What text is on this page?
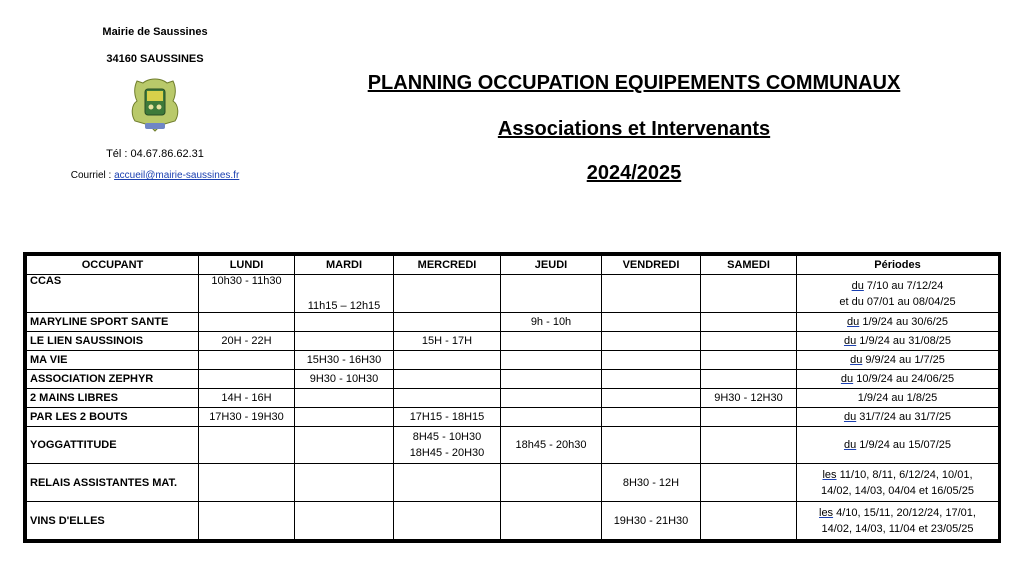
Mairie de Saussines
34160 SAUSSINES
Tél : 04.67.86.62.31
Courriel : accueil@mairie-saussines.fr
PLANNING OCCUPATION EQUIPEMENTS COMMUNAUX
Associations et Intervenants
2024/2025
OCCUPANT	LUNDI	MARDI	MERCREDI	JEUDI	VENDREDI	SAMEDI	Périodes
CCAS	10h30 - 11h30	11h15 – 12h15					du 7/10 au 7/12/24
et du 07/01 au 08/04/25

MARYLINE SPORT SANTE				9h - 10h			du 1/9/24 au 30/6/25
LE LIEN SAUSSINOIS	20H - 22H		15H - 17H				du 1/9/24 au 31/08/25
MA VIE		15H30 - 16H30					du 9/9/24 au 1/7/25
ASSOCIATION ZEPHYR		9H30 - 10H30					du 10/9/24 au 24/06/25
2 MAINS LIBRES	14H - 16H					9H30 - 12H30	1/9/24 au 1/8/25
PAR LES 2 BOUTS	17H30 - 19H30		17H15 - 18H15				du 31/7/24 au 31/7/25
YOGGATTITUDE			8H45 - 10H30
18H45 - 20H30	18h45 - 20h30			du 1/9/24 au 15/07/25
RELAIS ASSISTANTES MAT.					8H30 - 12H		les 11/10, 8/11, 6/12/24, 10/01,
14/02, 14/03, 04/04 et 16/05/25

VINS D'ELLES					19H30 - 21H30		les 4/10, 15/11, 20/12/24, 17/01,
14/02, 14/03, 11/04 et 23/05/25
